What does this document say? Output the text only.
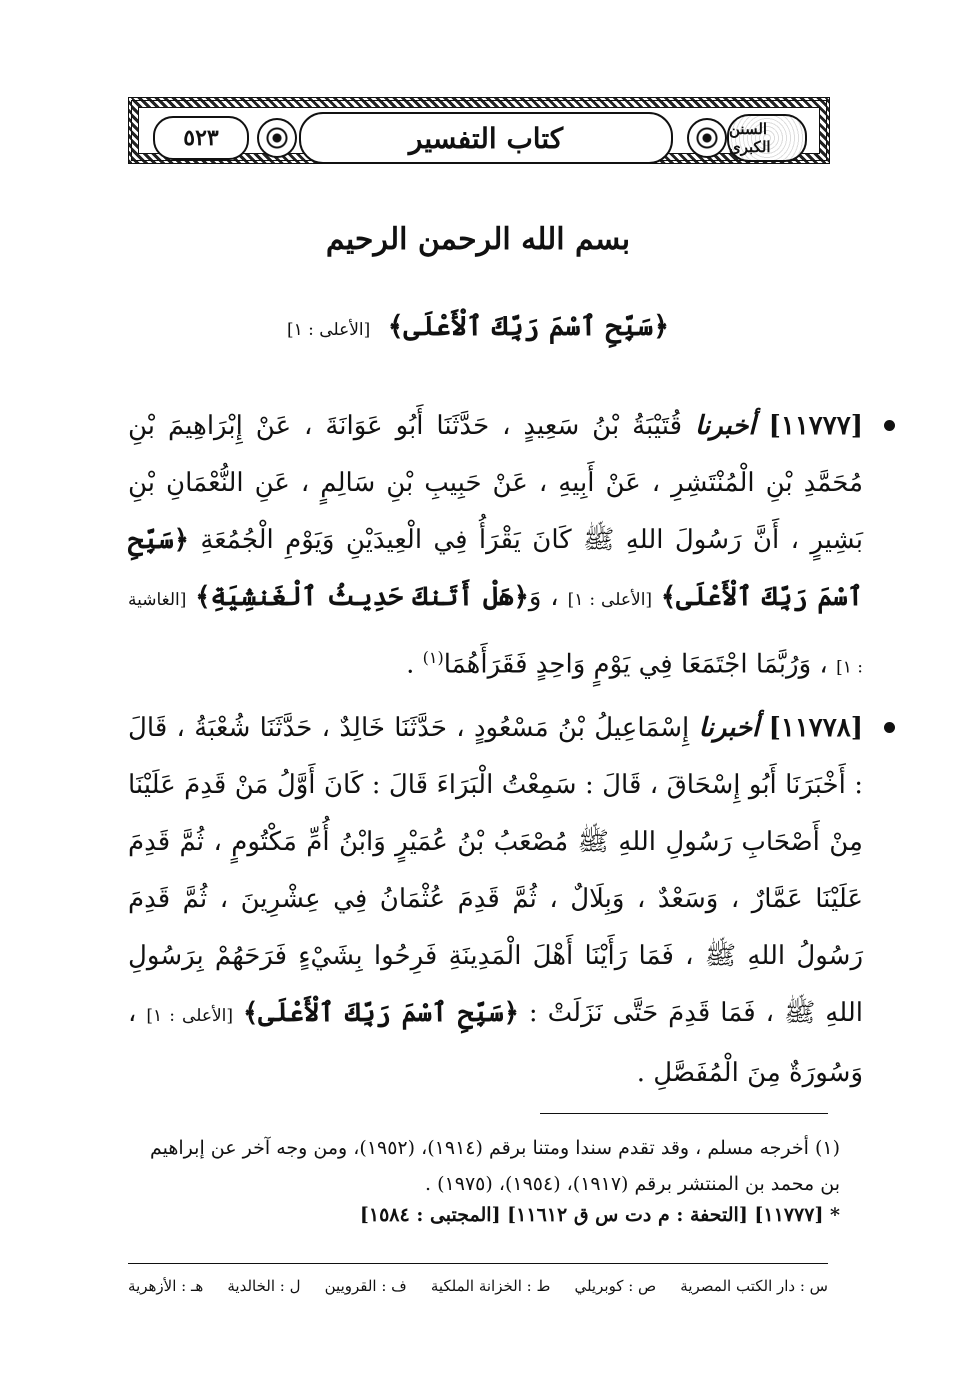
٥٢٣	كتاب التفسير	السنن الكبرى
بسم الله الرحمن الرحيم
﴿سَبِّحِ ٱسْمَ رَبِّكَ ٱلْأَعْلَى﴾ [الأعلى : ١]
[١١٧٧٧] أخبرنا قُتَيْبَةُ بْنُ سَعِيدٍ ، حَدَّثَنَا أَبُو عَوَانَةَ ، عَنْ إِبْرَاهِيمَ بْنِ مُحَمَّدِ بْنِ الْمُنْتَشِرِ ، عَنْ أَبِيهِ ، عَنْ حَبِيبِ بْنِ سَالِمٍ ، عَنِ النُّعْمَانِ بْنِ بَشِيرٍ ، أَنَّ رَسُولَ اللهِ ﷺ كَانَ يَقْرَأُ فِي الْعِيدَيْنِ وَيَوْمِ الْجُمُعَةِ ﴿سَبِّحِ ٱسْمَ رَبِّكَ ٱلْأَعْلَى﴾ [الأعلى : ١] ، وَ﴿هَلْ أَتَنكَ حَدِيثُ ٱلْغَنشِيَةِ﴾ [الغاشية : ١] ، وَرُبَّمَا اجْتَمَعَا فِي يَوْمٍ وَاحِدٍ فَقَرَأَهُمَا$^{(١)}$ .
[١١٧٧٨] أخبرنا إِسْمَاعِيلُ بْنُ مَسْعُودٍ ، حَدَّثَنَا خَالِدٌ ، حَدَّثَنَا شُعْبَةُ ، قَالَ : أَخْبَرَنَا أَبُو إِسْحَاقَ ، قَالَ : سَمِعْتُ الْبَرَاءَ قَالَ : كَانَ أَوَّلُ مَنْ قَدِمَ عَلَيْنَا مِنْ أَصْحَابِ رَسُولِ اللهِ ﷺ مُصْعَبُ بْنُ عُمَيْرٍ وَابْنُ أُمِّ مَكْتُومٍ ، ثُمَّ قَدِمَ عَلَيْنَا عَمَّارٌ ، وَسَعْدٌ ، وَبِلَالٌ ، ثُمَّ قَدِمَ عُثْمَانُ فِي عِشْرِينَ ، ثُمَّ قَدِمَ رَسُولُ اللهِ ﷺ ، فَمَا رَأَيْنَا أَهْلَ الْمَدِينَةِ فَرِحُوا بِشَيْءٍ فَرَحَهُمْ بِرَسُولِ اللهِ ﷺ ، فَمَا قَدِمَ حَتَّى نَزَلَتْ : ﴿سَبِّحِ ٱسْمَ رَبِّكَ ٱلْأَعْلَى﴾ [الأعلى : ١] ، وَسُورَةٌ مِنَ الْمُفَصَّلِ .
(١) أخرجه مسلم ، وقد تقدم سندا ومتنا برقم (١٩١٤)، (١٩٥٢)، ومن وجه آخر عن إبراهيم بن محمد بن المنتشر برقم (١٩١٧)، (١٩٥٤)، (١٩٧٥) .
* [١١٧٧٧] [التحفة : م دت س ق ١١٦١٢] [المجتبى : ١٥٨٤]
س : دار الكتب المصرية
ص : كوبريلي
ط : الخزانة الملكية
ف : القرويين
ل : الخالدية
هـ : الأزهرية
